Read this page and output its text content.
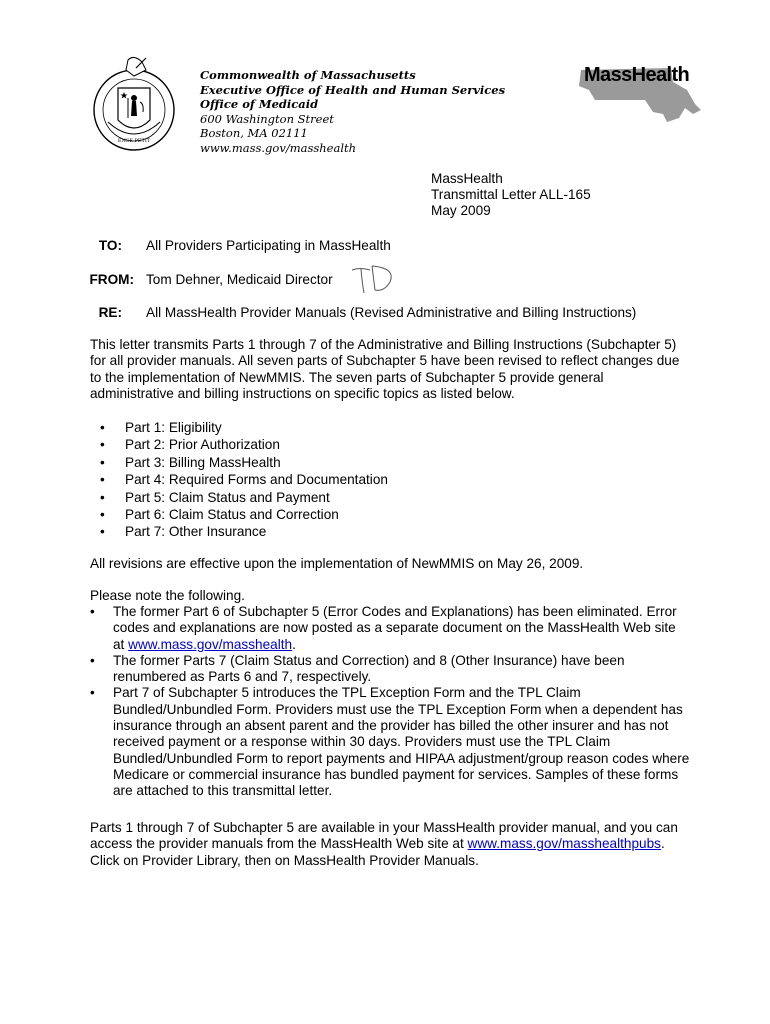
ENSE PETIT
Commonwealth of Massachusetts
Executive Office of Health and Human Services
Office of Medicaid
600 Washington Street
Boston, MA 02111
www.mass.gov/masshealth
MassHealth
MassHealth
Transmittal Letter ALL-165
May 2009
TO: All Providers Participating in MassHealth
FROM: Tom Dehner, Medicaid Director
TD
RE: All MassHealth Provider Manuals (Revised Administrative and Billing Instructions)
This letter transmits Parts 1 through 7 of the Administrative and Billing Instructions (Subchapter 5) for all provider manuals. All seven parts of Subchapter 5 have been revised to reflect changes due to the implementation of NewMMIS. The seven parts of Subchapter 5 provide general administrative and billing instructions on specific topics as listed below.
• Part 1: Eligibility
• Part 2: Prior Authorization
• Part 3: Billing MassHealth
• Part 4: Required Forms and Documentation
• Part 5: Claim Status and Payment
• Part 6: Claim Status and Correction
• Part 7: Other Insurance
All revisions are effective upon the implementation of NewMMIS on May 26, 2009.
Please note the following.
• The former Part 6 of Subchapter 5 (Error Codes and Explanations) has been eliminated. Error codes and explanations are now posted as a separate document on the MassHealth Web site at www.mass.gov/masshealth.
• The former Parts 7 (Claim Status and Correction) and 8 (Other Insurance) have been renumbered as Parts 6 and 7, respectively.
• Part 7 of Subchapter 5 introduces the TPL Exception Form and the TPL Claim Bundled/Unbundled Form. Providers must use the TPL Exception Form when a dependent has insurance through an absent parent and the provider has billed the other insurer and has not received payment or a response within 30 days. Providers must use the TPL Claim Bundled/Unbundled Form to report payments and HIPAA adjustment/group reason codes where Medicare or commercial insurance has bundled payment for services. Samples of these forms are attached to this transmittal letter.
Parts 1 through 7 of Subchapter 5 are available in your MassHealth provider manual, and you can access the provider manuals from the MassHealth Web site at www.mass.gov/masshealthpubs. Click on Provider Library, then on MassHealth Provider Manuals.
